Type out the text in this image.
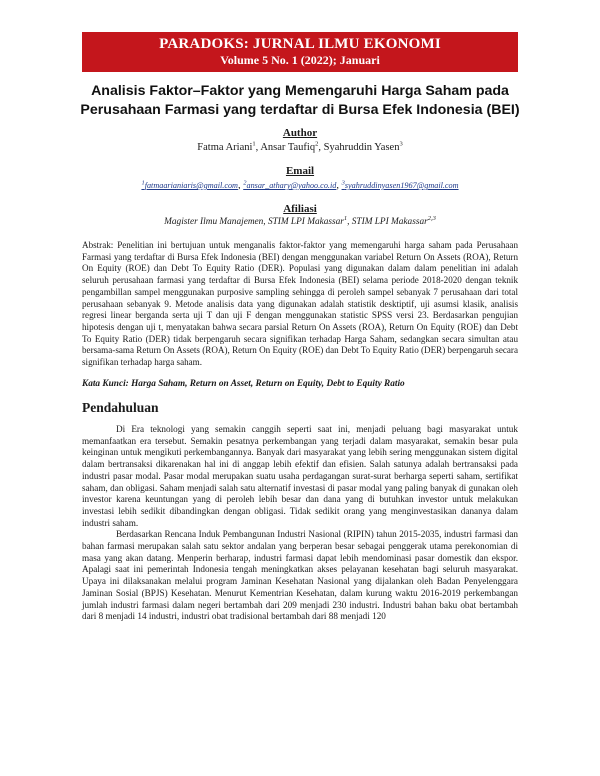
PARADOKS: JURNAL ILMU EKONOMI
Volume 5 No. 1 (2022); Januari
Analisis Faktor–Faktor yang Memengaruhi Harga Saham pada Perusahaan Farmasi yang terdaftar di Bursa Efek Indonesia (BEI)
Author
Fatma Ariani$^1$, Ansar Taufiq$^2$, Syahruddin Yasen$^3$
Email
$^1$fatmaarianiaris@gmail.com, $^2$ansar_athary@yahoo.co.id, $^3$syahruddinyasen1967@gmail.com
Afiliasi
Magister Ilmu Manajemen, STIM LPI Makassar$^1$, STIM LPI Makassar$^{2,3}$

Abstrak: Penelitian ini bertujuan untuk menganalis faktor-faktor yang memengaruhi harga saham pada Perusahaan Farmasi yang terdaftar di Bursa Efek Indonesia (BEI) dengan menggunakan variabel Return On Assets (ROA), Return On Equity (ROE) dan Debt To Equity Ratio (DER). Populasi yang digunakan dalam dalam penelitian ini adalah seluruh perusahaan farmasi yang terdaftar di Bursa Efek Indonesia (BEI) selama periode 2018-2020 dengan teknik pengambillan sampel menggunakan purposive sampling sehingga di peroleh sampel sebanyak 7 perusahaan dari total perusahaan sebanyak 9. Metode analisis data yang digunakan adalah statistik desktiptif, uji asumsi klasik, analisis regresi linear berganda serta uji T dan uji F dengan menggunakan statistic SPSS versi 23. Berdasarkan pengujian hipotesis dengan uji t, menyatakan bahwa secara parsial Return On Assets (ROA), Return On Equity (ROE) dan Debt To Equity Ratio (DER) tidak berpengaruh secara signifikan terhadap Harga Saham, sedangkan secara simultan atau bersama-sama Return On Assets (ROA), Return On Equity (ROE) dan Debt To Equity Ratio (DER) berpengaruh secara signifikan terhadap harga saham.

Kata Kunci: Harga Saham, Return on Asset, Return on Equity, Debt to Equity Ratio

Pendahuluan

Di Era teknologi yang semakin canggih seperti saat ini, menjadi peluang bagi masyarakat untuk memanfaatkan era tersebut. Semakin pesatnya perkembangan yang terjadi dalam masyarakat, semakin besar pula keinginan untuk mengikuti perkembangannya. Banyak dari masyarakat yang lebih sering menggunakan sistem digital dalam bertransaksi dikarenakan hal ini di anggap lebih efektif dan efisien. Salah satunya adalah bertransaksi pada industri pasar modal. Pasar modal merupakan suatu usaha perdagangan surat-surat berharga seperti saham, sertifikat saham, dan obligasi. Saham menjadi salah satu alternatif investasi di pasar modal yang paling banyak di gunakan oleh investor karena keuntungan yang di peroleh lebih besar dan dana yang di butuhkan investor untuk melakukan investasi lebih sedikit dibandingkan dengan obligasi. Tidak sedikit orang yang menginvestasikan dananya dalam industri saham.

Berdasarkan Rencana Induk Pembangunan Industri Nasional (RIPIN) tahun 2015-2035, industri farmasi dan bahan farmasi merupakan salah satu sektor andalan yang berperan besar sebagai penggerak utama perekonomian di masa yang akan datang. Menperin berharap, industri farmasi dapat lebih mendominasi pasar domestik dan ekspor. Apalagi saat ini pemerintah Indonesia tengah meningkatkan akses pelayanan kesehatan bagi seluruh masyarakat. Upaya ini dilaksanakan melalui program Jaminan Kesehatan Nasional yang dijalankan oleh Badan Penyelenggara Jaminan Sosial (BPJS) Kesehatan. Menurut Kementrian Kesehatan, dalam kurung waktu 2016-2019 perkembangan jumlah industri farmasi dalam negeri bertambah dari 209 menjadi 230 industri. Industri bahan baku obat bertambah dari 8 menjadi 14 industri, industri obat tradisional bertambah dari 88 menjadi 120
